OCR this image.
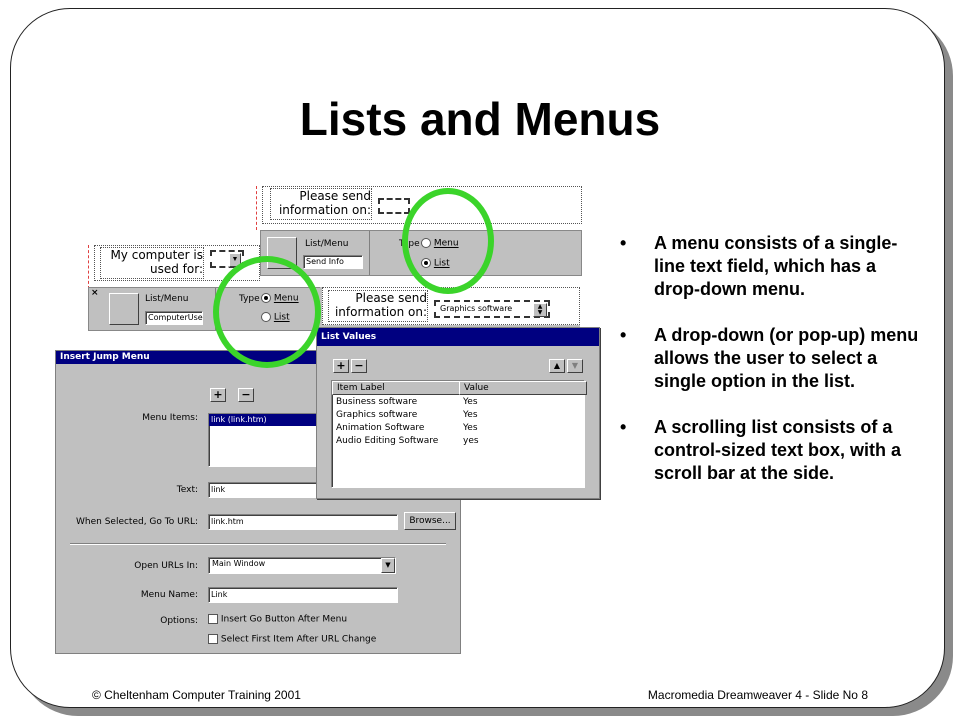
Lists and Menus
Please send
information on:
List/Menu
Send Info
Type	Menu
List
My computer is
used for:
▼
×
List/Menu
ComputerUse
Type	Menu
List
Please send
information on: Graphics software	▲
▼
Insert Jump Menu
+	−
Menu Items: link (link.htm)
Text:	link
When Selected, Go To URL:	link.htm	Browse...
Open URLs In: Main Window	▼
Menu Name:	Link
Options:	Insert Go Button After Menu
Select First Item After URL Change
List Values
+ −	▲	▼
Item Label	Value
Business software	Yes
Graphics software	Yes
Animation Software	Yes
Audio Editing Software	yes
• A menu consists of a single-line text field, which has a drop-down menu.
• A drop-down (or pop-up) menu allows the user to select a single option in the list.
• A scrolling list consists of a control-sized text box, with a scroll bar at the side.
© Cheltenham Computer Training 2001	Macromedia Dreamweaver 4 - Slide No 8
